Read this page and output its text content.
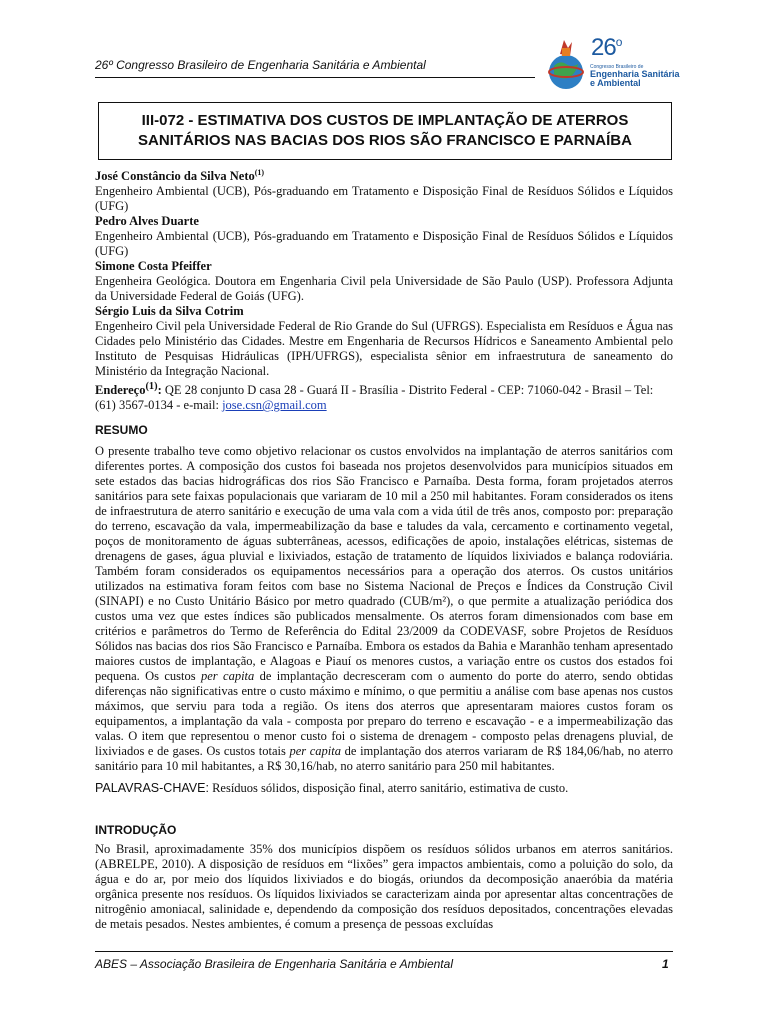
26º Congresso Brasileiro de Engenharia Sanitária e Ambiental
26$^o$
Congresso Brasileiro de
Engenharia Sanitária
e Ambiental
III-072 - ESTIMATIVA DOS CUSTOS DE IMPLANTAÇÃO DE ATERROS
SANITÁRIOS NAS BACIAS DOS RIOS SÃO FRANCISCO E PARNAÍBA
José Constâncio da Silva Neto$^{(1)}$
Engenheiro Ambiental (UCB), Pós-graduando em Tratamento e Disposição Final de Resíduos Sólidos e Líquidos (UFG)
Pedro Alves Duarte
Engenheiro Ambiental (UCB), Pós-graduando em Tratamento e Disposição Final de Resíduos Sólidos e Líquidos (UFG)
Simone Costa Pfeiffer
Engenheira Geológica. Doutora em Engenharia Civil pela Universidade de São Paulo (USP). Professora Adjunta da Universidade Federal de Goiás (UFG).
Sérgio Luis da Silva Cotrim
Engenheiro Civil pela Universidade Federal de Rio Grande do Sul (UFRGS). Especialista em Resíduos e Água nas Cidades pelo Ministério das Cidades. Mestre em Engenharia de Recursos Hídricos e Saneamento Ambiental pelo Instituto de Pesquisas Hidráulicas (IPH/UFRGS), especialista sênior em infraestrutura de saneamento do Ministério da Integração Nacional.
Endereço$^{(1)}$: QE 28 conjunto D casa 28 - Guará II - Brasília - Distrito Federal - CEP: 71060-042 - Brasil – Tel: (61) 3567-0134 - e-mail: jose.csn@gmail.com
RESUMO
O presente trabalho teve como objetivo relacionar os custos envolvidos na implantação de aterros sanitários com diferentes portes. A composição dos custos foi baseada nos projetos desenvolvidos para municípios situados em sete estados das bacias hidrográficas dos rios São Francisco e Parnaíba. Desta forma, foram projetados aterros sanitários para sete faixas populacionais que variaram de 10 mil a 250 mil habitantes. Foram considerados os itens de infraestrutura de aterro sanitário e execução de uma vala com a vida útil de três anos, composto por: preparação do terreno, escavação da vala, impermeabilização da base e taludes da vala, cercamento e cortinamento vegetal, poços de monitoramento de águas subterrâneas, acessos, edificações de apoio, instalações elétricas, sistemas de drenagens de gases, água pluvial e lixiviados, estação de tratamento de líquidos lixiviados e balança rodoviária. Também foram considerados os equipamentos necessários para a operação dos aterros. Os custos unitários utilizados na estimativa foram feitos com base no Sistema Nacional de Preços e Índices da Construção Civil (SINAPI) e no Custo Unitário Básico por metro quadrado (CUB/m²), o que permite a atualização periódica dos custos uma vez que estes índices são publicados mensalmente. Os aterros foram dimensionados com base em critérios e parâmetros do Termo de Referência do Edital 23/2009 da CODEVASF, sobre Projetos de Resíduos Sólidos nas bacias dos rios São Francisco e Parnaíba. Embora os estados da Bahia e Maranhão tenham apresentado maiores custos de implantação, e Alagoas e Piauí os menores custos, a variação entre os custos dos estados foi pequena. Os custos per capita de implantação decresceram com o aumento do porte do aterro, sendo obtidas diferenças não significativas entre o custo máximo e mínimo, o que permitiu a análise com base apenas nos custos máximos, que serviu para toda a região. Os itens dos aterros que apresentaram maiores custos foram os equipamentos, a implantação da vala - composta por preparo do terreno e escavação - e a impermeabilização das valas. O item que representou o menor custo foi o sistema de drenagem - composto pelas drenagens pluvial, de lixiviados e de gases. Os custos totais per capita de implantação dos aterros variaram de R$ 184,06/hab, no aterro sanitário para 10 mil habitantes, a R$ 30,16/hab, no aterro sanitário para 250 mil habitantes.
PALAVRAS-CHAVE: Resíduos sólidos, disposição final, aterro sanitário, estimativa de custo.
INTRODUÇÃO
No Brasil, aproximadamente 35% dos municípios dispõem os resíduos sólidos urbanos em aterros sanitários. (ABRELPE, 2010). A disposição de resíduos em “lixões” gera impactos ambientais, como a poluição do solo, da água e do ar, por meio dos líquidos lixiviados e do biogás, oriundos da decomposição anaeróbia da matéria orgânica presente nos resíduos. Os líquidos lixiviados se caracterizam ainda por apresentar altas concentrações de nitrogênio amoniacal, salinidade e, dependendo da composição dos resíduos depositados, concentrações elevadas de metais pesados. Nestes ambientes, é comum a presença de pessoas excluídas
ABES – Associação Brasileira de Engenharia Sanitária e Ambiental	1
